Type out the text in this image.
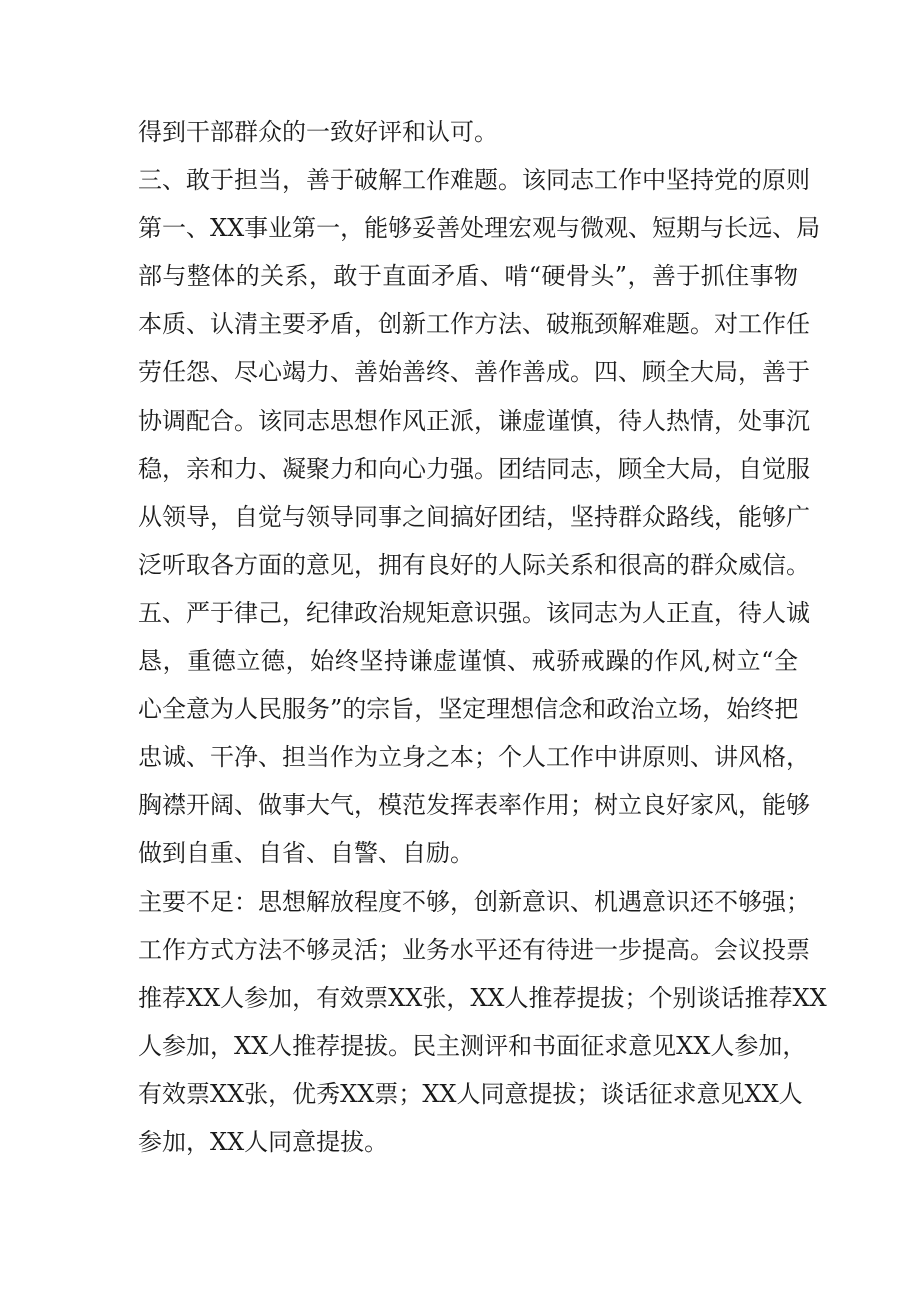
得到干部群众的一致好评和认可。
三、敢于担当，善于破解工作难题。该同志工作中坚持党的原则
第一、XX事业第一，能够妥善处理宏观与微观、短期与长远、局
部与整体的关系，敢于直面矛盾、啃“硬骨头”，善于抓住事物
本质、认清主要矛盾，创新工作方法、破瓶颈解难题。对工作任
劳任怨、尽心竭力、善始善终、善作善成。四、顾全大局，善于
协调配合。该同志思想作风正派，谦虚谨慎，待人热情，处事沉
稳，亲和力、凝聚力和向心力强。团结同志，顾全大局，自觉服
从领导，自觉与领导同事之间搞好团结，坚持群众路线，能够广
泛听取各方面的意见，拥有良好的人际关系和很高的群众威信。
五、严于律己，纪律政治规矩意识强。该同志为人正直，待人诚
恳，重德立德，始终坚持谦虚谨慎、戒骄戒躁的作风,树立“全
心全意为人民服务”的宗旨，坚定理想信念和政治立场，始终把
忠诚、干净、担当作为立身之本；个人工作中讲原则、讲风格，
胸襟开阔、做事大气，模范发挥表率作用；树立良好家风，能够
做到自重、自省、自警、自励。
主要不足：思想解放程度不够，创新意识、机遇意识还不够强；
工作方式方法不够灵活；业务水平还有待进一步提高。会议投票
推荐XX人参加，有效票XX张，XX人推荐提拔；个别谈话推荐XX
人参加，XX人推荐提拔。民主测评和书面征求意见XX人参加，
有效票XX张，优秀XX票；XX人同意提拔；谈话征求意见XX人
参加，XX人同意提拔。
